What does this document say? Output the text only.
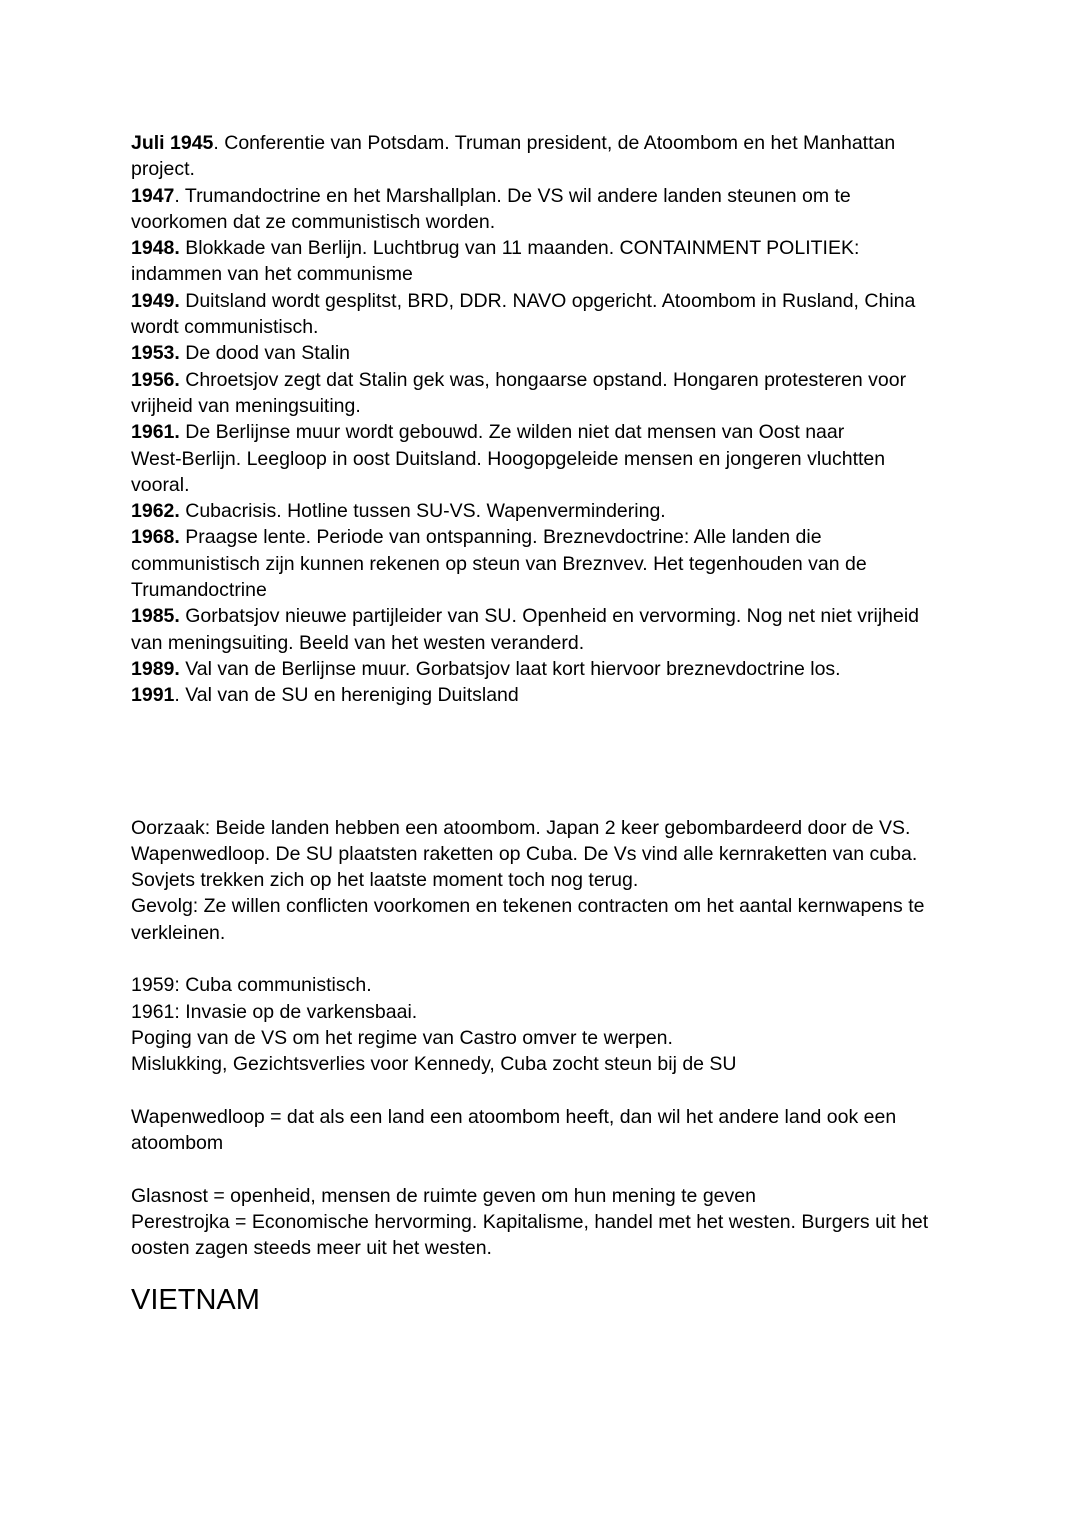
Juli 1945. Conferentie van Potsdam. Truman president, de Atoombom en het Manhattan
project.
1947. Trumandoctrine en het Marshallplan. De VS wil andere landen steunen om te
voorkomen dat ze communistisch worden.
1948. Blokkade van Berlijn. Luchtbrug van 11 maanden. CONTAINMENT POLITIEK:
indammen van het communisme
1949. Duitsland wordt gesplitst, BRD, DDR. NAVO opgericht. Atoombom in Rusland, China
wordt communistisch.
1953. De dood van Stalin
1956. Chroetsjov zegt dat Stalin gek was, hongaarse opstand. Hongaren protesteren voor
vrijheid van meningsuiting.
1961. De Berlijnse muur wordt gebouwd. Ze wilden niet dat mensen van Oost naar
West-Berlijn. Leegloop in oost Duitsland. Hoogopgeleide mensen en jongeren vluchtten
vooral.
1962. Cubacrisis. Hotline tussen SU-VS. Wapenvermindering.
1968. Praagse lente. Periode van ontspanning. Breznevdoctrine: Alle landen die
communistisch zijn kunnen rekenen op steun van Breznvev. Het tegenhouden van de
Trumandoctrine
1985. Gorbatsjov nieuwe partijleider van SU. Openheid en vervorming. Nog net niet vrijheid
van meningsuiting. Beeld van het westen veranderd.
1989. Val van de Berlijnse muur. Gorbatsjov laat kort hiervoor breznevdoctrine los.
1991. Val van de SU en hereniging Duitsland
Oorzaak: Beide landen hebben een atoombom. Japan 2 keer gebombardeerd door de VS.
Wapenwedloop. De SU plaatsten raketten op Cuba. De Vs vind alle kernraketten van cuba.
Sovjets trekken zich op het laatste moment toch nog terug.
Gevolg: Ze willen conflicten voorkomen en tekenen contracten om het aantal kernwapens te
verkleinen.
1959: Cuba communistisch.
1961: Invasie op de varkensbaai.
Poging van de VS om het regime van Castro omver te werpen.
Mislukking, Gezichtsverlies voor Kennedy, Cuba zocht steun bij de SU
Wapenwedloop = dat als een land een atoombom heeft, dan wil het andere land ook een
atoombom
Glasnost = openheid, mensen de ruimte geven om hun mening te geven
Perestrojka = Economische hervorming. Kapitalisme, handel met het westen. Burgers uit het
oosten zagen steeds meer uit het westen.
VIETNAM
